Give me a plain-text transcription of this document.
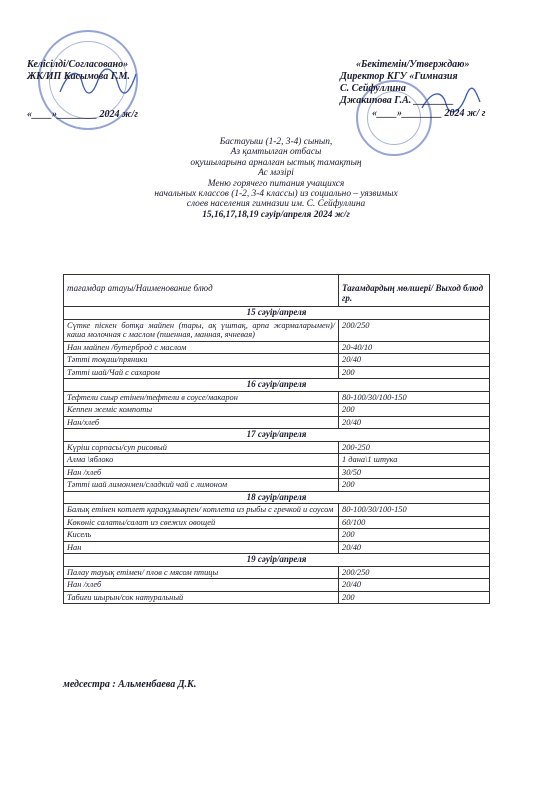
Келісілді/Согласовано»
ЖК/ИП Касымова Г.М.
«____»________ 2024 ж/г
«Бекітемін/Утверждаю»
Директор КГУ «Гимназия
С. Сейфуллина
Джакипова Г.А. ________
«____»________ 2024 ж/ г
Бастауыш (1-2, 3-4) сынып,
Аз қамтылған отбасы
оқушыларына арналған ыстық тамақтың
Ас мәзірі
Меню горячего питания учащихся
начальных классов (1-2, 3-4 классы) из социально – уязвимых
слоев населения гимназии им. С. Сейфуллина
15,16,17,18,19 сәуір/апреля 2024 ж/г
тағамдар атауы/Наименование блюд	Тағамдардың мөлшері/ Выход блюд гр.
15 сәуір/апреля	
Сүтке піскен ботқа майпен (тары, ақ үштақ, арпа жармаларымен)/ каша молочная с маслом (пшенная, манная, ячневая)	200/250
Нан майпен /бутерброд с маслом	20-40/10
Тәтті тоқаш/пряники	20/40
Тәтті шай/Чай с сахаром	200
16 сәуір/апреля	
Тефтели сиыр етінен/тефтели в соусе/макарон	80-100/30/100-150
Кеппен жеміс компоты	200
Нан/хлеб	20/40
17 сәуір/апреля	
Күріш сорпасы/суп рисовый	200-250
Алма \яблоко	1 дана\1 штука
Нан /хлеб	30/50
Тәтті шай лимонмен/сладкий чай с лимоном	200
18 сәуір/апреля	
Балық етінен котлет қарақұмықпен/ котлета из рыбы с гречкой и соусом	80-100/30/100-150
Көкөніс салаты/салат из свежих овощей	60/100
Кисель	200
Нан	20/40
19 сәуір/апреля	
Палау тауық етімен/ плов с мясом птицы	200/250
Нан /хлеб	20/40
Табиғи шырын/сок натуральный	200
медсестра : Альменбаева Д.К.
